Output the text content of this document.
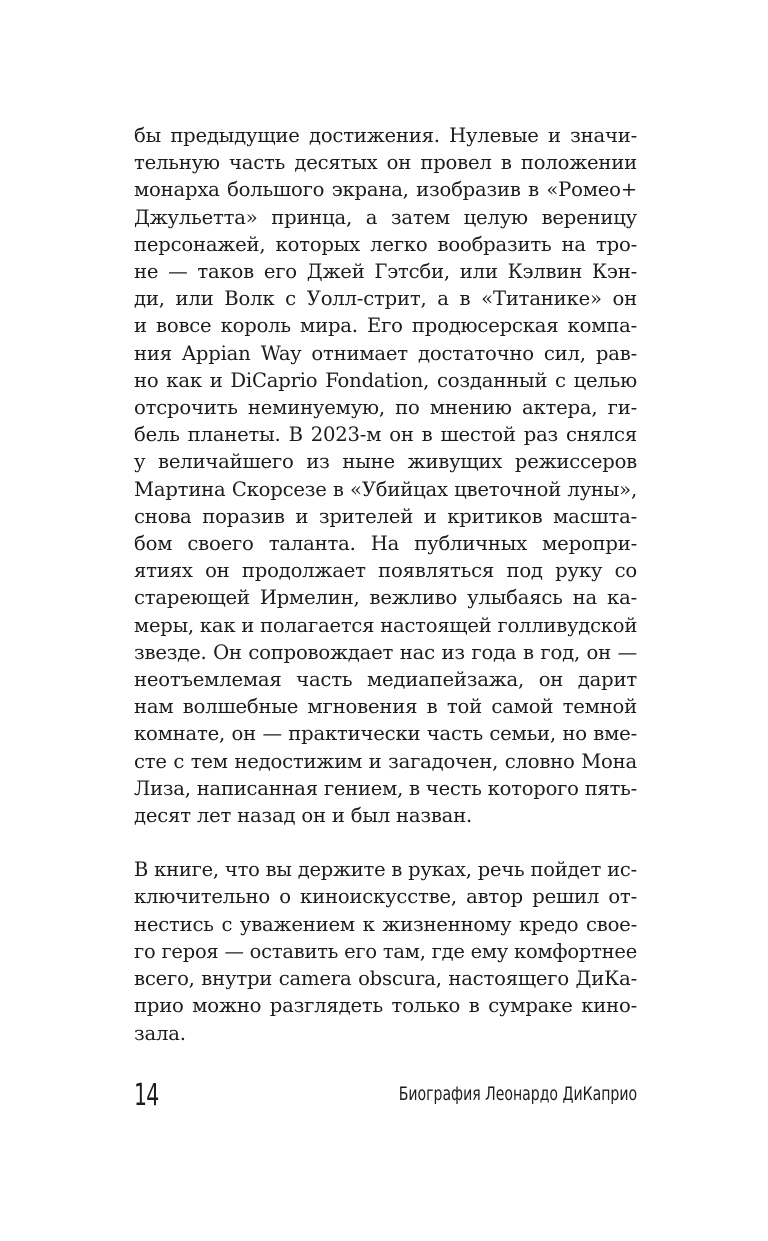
бы предыдущие достижения. Нулевые и значи-
тельную часть десятых он провел в положении
монарха большого экрана, изобразив в «Ромео+
Джульетта» принца, а затем целую вереницу
персонажей, которых легко вообразить на тро-
не — таков его Джей Гэтсби, или Кэлвин Кэн-
ди, или Волк с Уолл-стрит, а в «Титанике» он
и вовсе король мира. Его продюсерская компа-
ния Appian Way отнимает достаточно сил, рав-
но как и DiCaprio Fondation, созданный с целью
отсрочить неминуемую, по мнению актера, ги-
бель планеты. В 2023-м он в шестой раз снялся
у величайшего из ныне живущих режиссеров
Мартина Скорсезе в «Убийцах цветочной луны»,
снова поразив и зрителей и критиков масшта-
бом своего таланта. На публичных меропри-
ятиях он продолжает появляться под руку со
стареющей Ирмелин, вежливо улыбаясь на ка-
меры, как и полагается настоящей голливудской
звезде. Он сопровождает нас из года в год, он —
неотъемлемая часть медиапейзажа, он дарит
нам волшебные мгновения в той самой темной
комнате, он — практически часть семьи, но вме-
сте с тем недостижим и загадочен, словно Мона
Лиза, написанная гением, в честь которого пять-
десят лет назад он и был назван.

В книге, что вы держите в руках, речь пойдет ис-
ключительно о киноискусстве, автор решил от-
нестись с уважением к жизненному кредо свое-
го героя — оставить его там, где ему комфортнее
всего, внутри camera obscura, настоящего ДиКа-
прио можно разглядеть только в сумраке кино-
зала.

14	Биография Леонардо ДиКаприо
